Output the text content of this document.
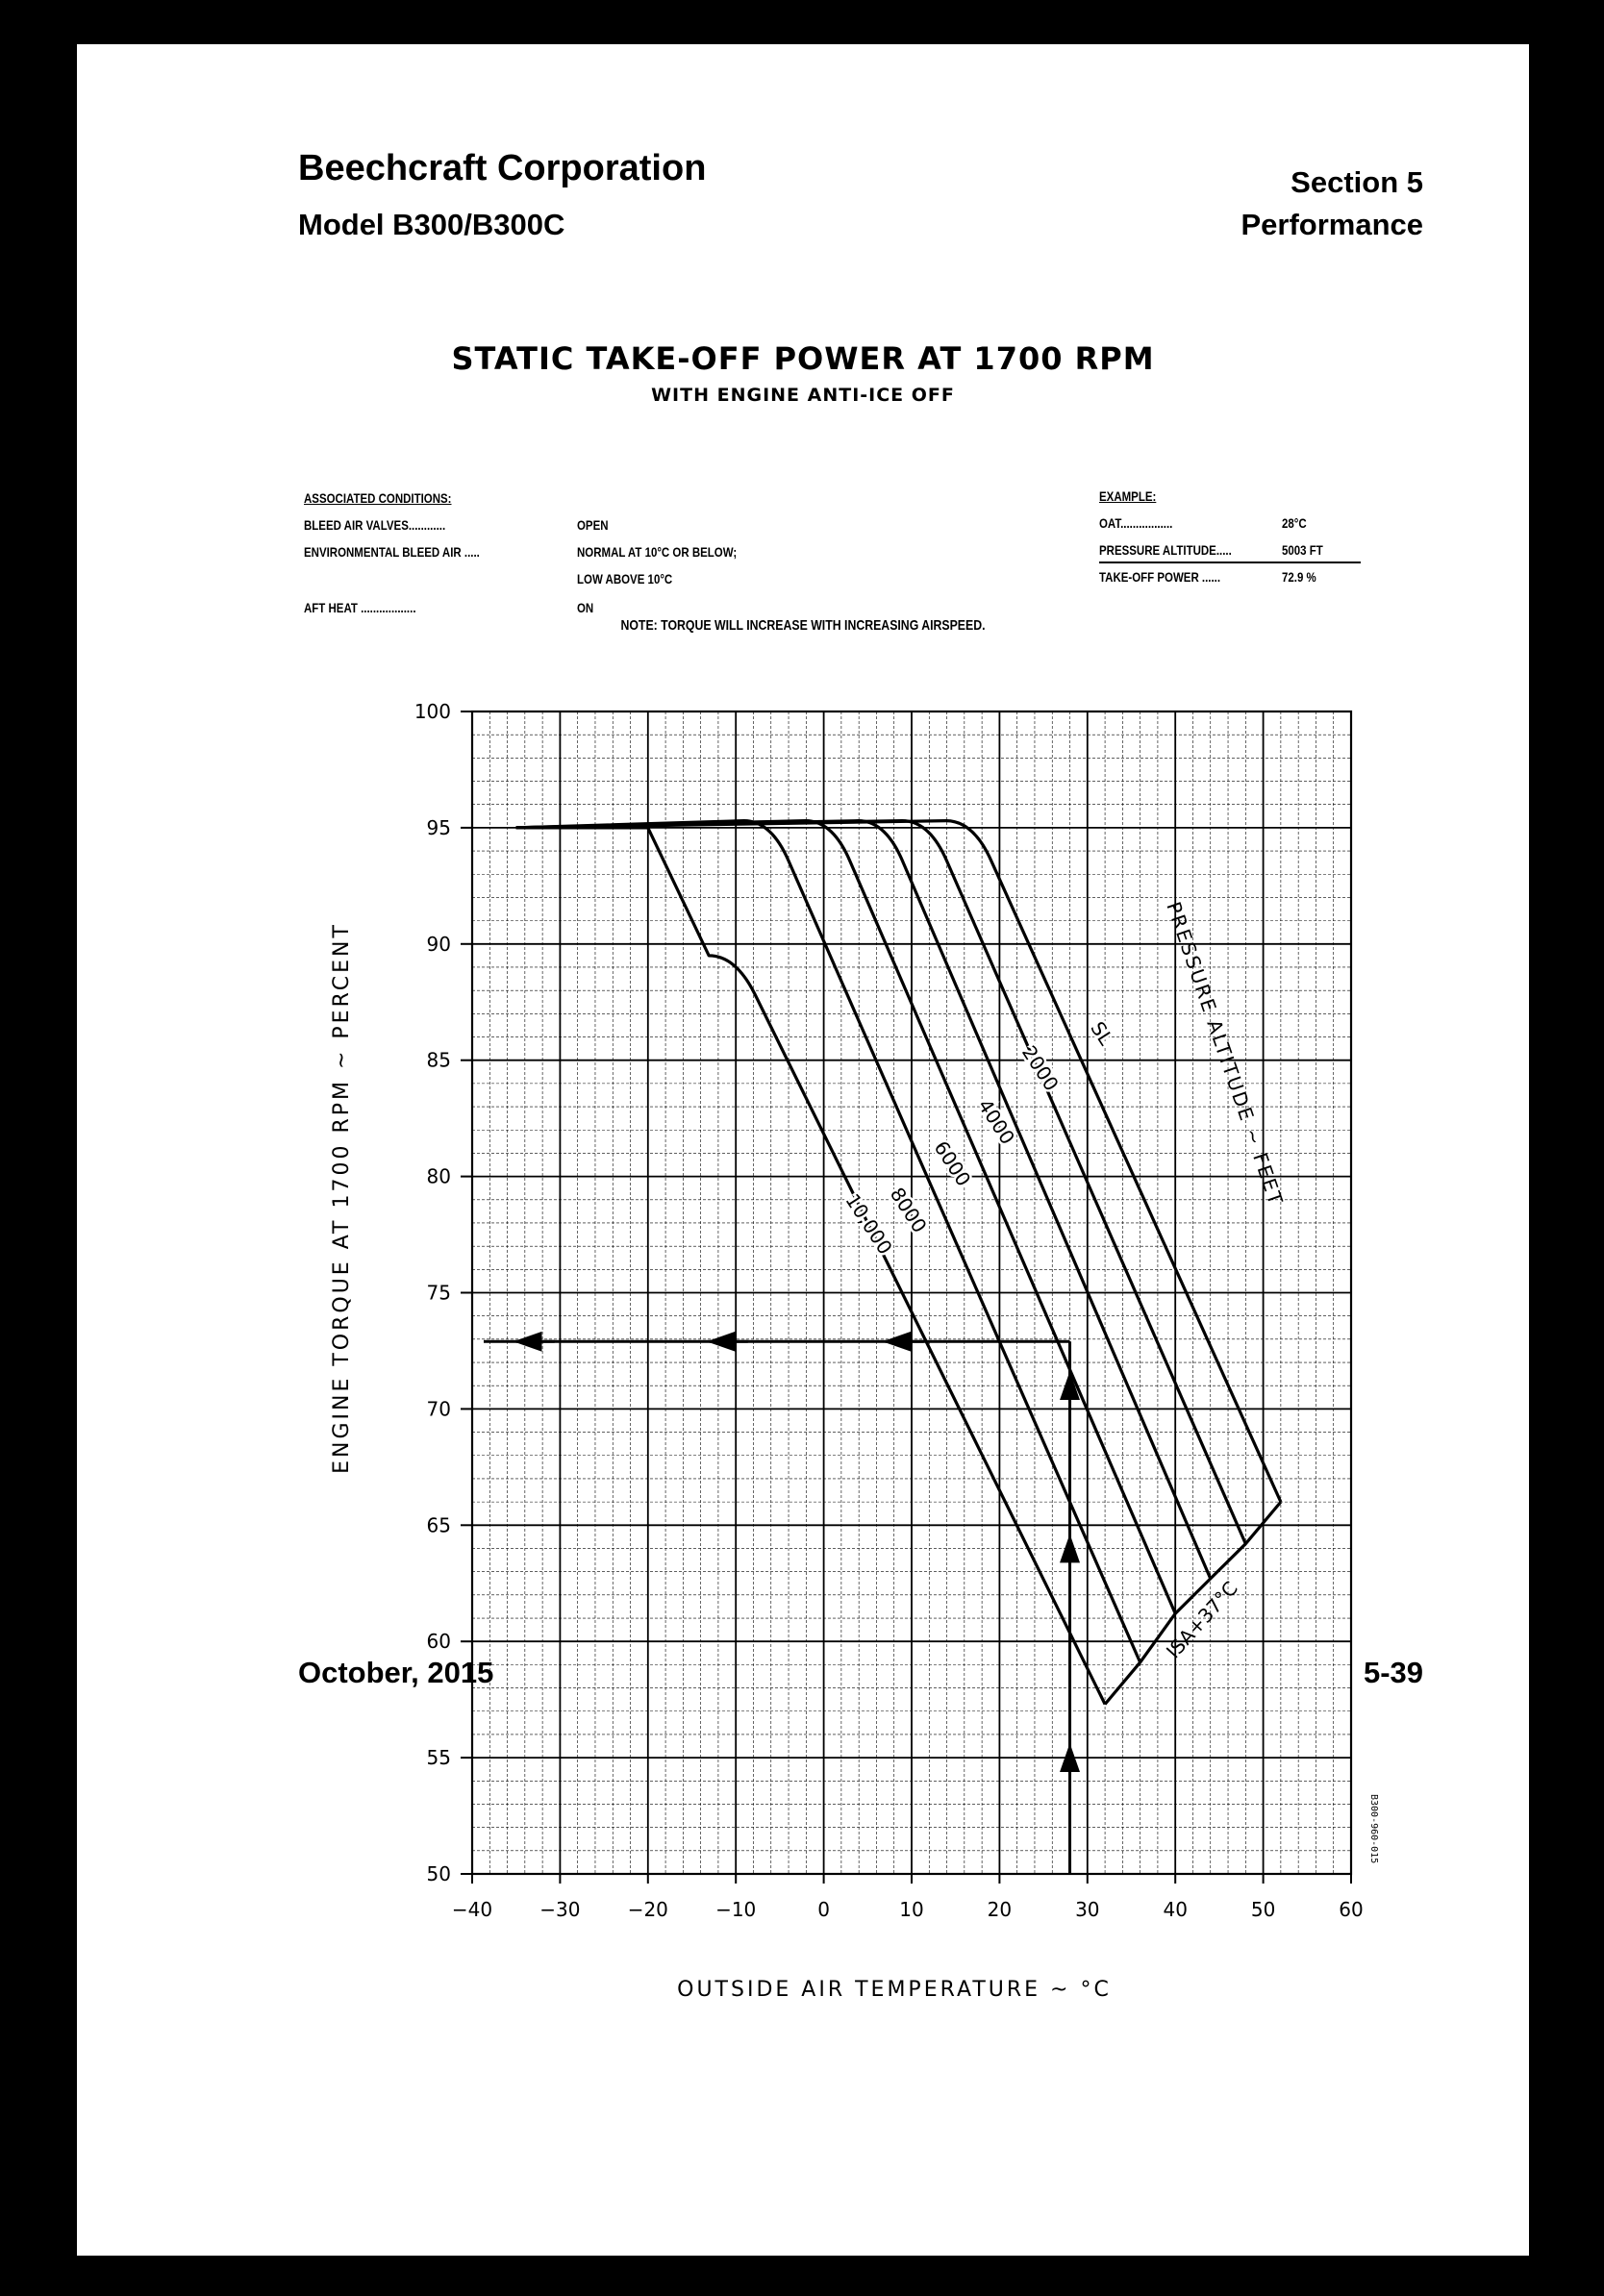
Beechcraft Corporation
Model B300/B300C
Section 5
Performance
STATIC TAKE-OFF POWER AT 1700 RPM
WITH ENGINE ANTI-ICE OFF
ASSOCIATED CONDITIONS:
BLEED AIR VALVES............	OPEN
ENVIRONMENTAL BLEED AIR .....	NORMAL AT 10°C OR BELOW;
LOW ABOVE 10°C
AFT HEAT ..................	ON
EXAMPLE:
OAT.................	28°C
PRESSURE ALTITUDE.....	5003 FT
TAKE-OFF POWER ......	72.9 %
NOTE: TORQUE WILL INCREASE WITH INCREASING AIRSPEED.
October, 2015	5-39
−40 −30 −20 −10	0	10	20	30	40	50	60
50
55
60
65
70
75
80
85
90
95
100
SL
2000
4000
6000
8000
10,000
OUTSIDE AIR TEMPERATURE ~ °C
ENGINE TORQUE AT 1700 RPM ~ PERCENT	PRESSURE ALTITUDE ~ FEET
ISA+37°C
B300-960-015
